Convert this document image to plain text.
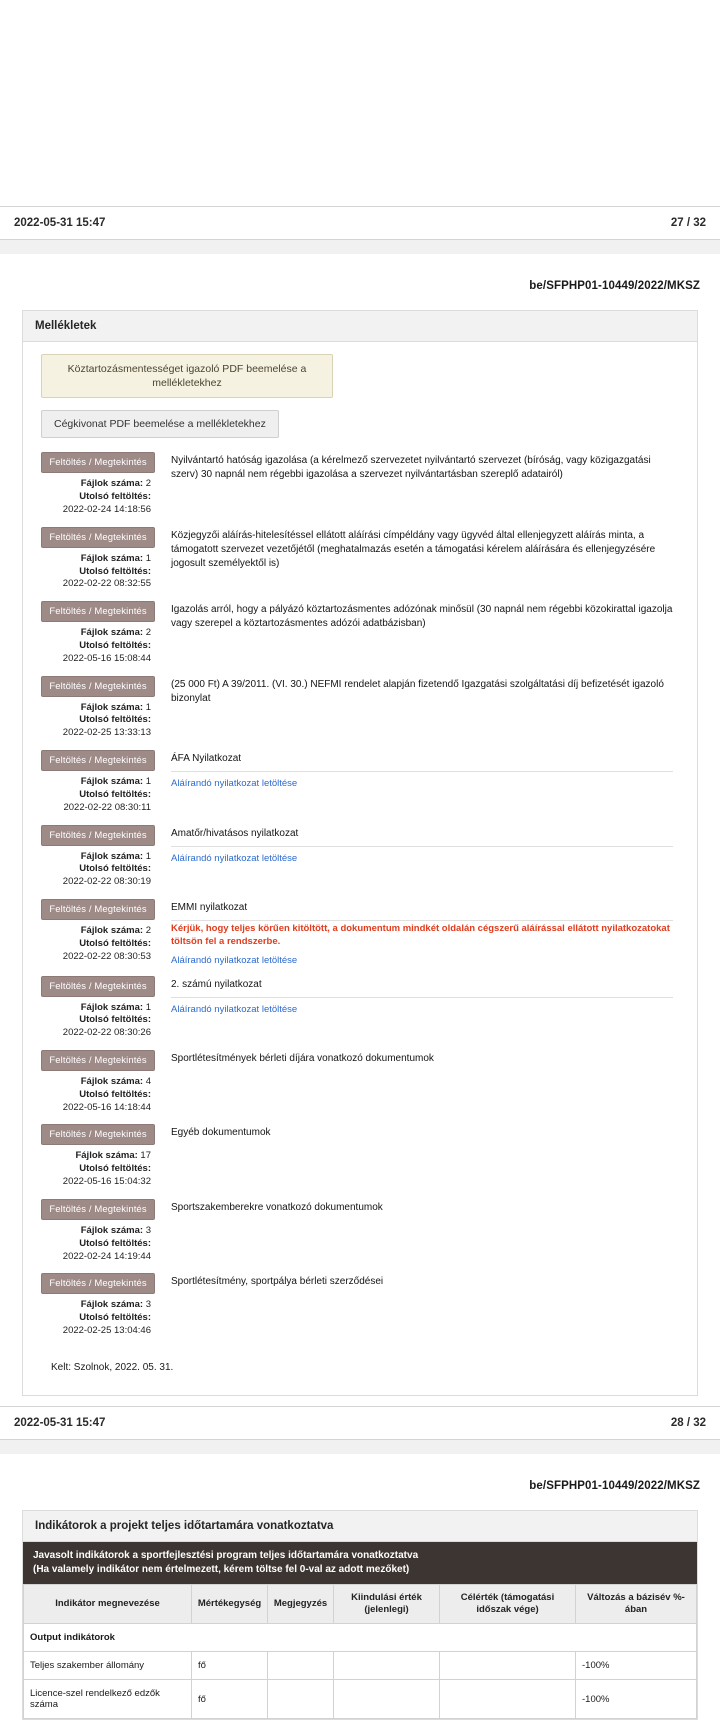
2022-05-31 15:47	27 / 32
be/SFPHP01-10449/2022/MKSZ
Mellékletek
Köztartozásmentességet igazoló PDF beemelése a mellékletekhez
Cégkivonat PDF beemelése a mellékletekhez
Feltöltés / Megtekintés
Fájlok száma: 2
Utolsó feltöltés:
2022-02-24 14:18:56
Nyilvántartó hatóság igazolása (a kérelmező szervezetet nyilvántartó szervezet (bíróság, vagy közigazgatási szerv) 30 napnál nem régebbi igazolása a szervezet nyilvántartásban szereplő adatairól)
Feltöltés / Megtekintés
Fájlok száma: 1
Utolsó feltöltés:
2022-02-22 08:32:55
Közjegyzői aláírás-hitelesítéssel ellátott aláírási címpéldány vagy ügyvéd által ellenjegyzett aláírás minta, a támogatott szervezet vezetőjétől (meghatalmazás esetén a támogatási kérelem aláírására és ellenjegyzésére jogosult személyektől is)
Feltöltés / Megtekintés
Fájlok száma: 2
Utolsó feltöltés:
2022-05-16 15:08:44
Igazolás arról, hogy a pályázó köztartozásmentes adózónak minősül (30 napnál nem régebbi közokirattal igazolja vagy szerepel a köztartozásmentes adózói adatbázisban)
Feltöltés / Megtekintés
Fájlok száma: 1
Utolsó feltöltés:
2022-02-25 13:33:13
(25 000 Ft) A 39/2011. (VI. 30.) NEFMI rendelet alapján fizetendő Igazgatási szolgáltatási díj befizetését igazoló bizonylat
Feltöltés / Megtekintés
Fájlok száma: 1
Utolsó feltöltés:
2022-02-22 08:30:11
ÁFA Nyilatkozat
Aláírandó nyilatkozat letöltése
Feltöltés / Megtekintés
Fájlok száma: 1
Utolsó feltöltés:
2022-02-22 08:30:19
Amatőr/hivatásos nyilatkozat
Aláírandó nyilatkozat letöltése
Feltöltés / Megtekintés
Fájlok száma: 2
Utolsó feltöltés:
2022-02-22 08:30:53
EMMI nyilatkozat
Kérjük, hogy teljes körűen kitöltött, a dokumentum mindkét oldalán cégszerű aláírással ellátott nyilatkozatokat töltsön fel a rendszerbe.
Aláírandó nyilatkozat letöltése
Feltöltés / Megtekintés
Fájlok száma: 1
Utolsó feltöltés:
2022-02-22 08:30:26
2. számú nyilatkozat
Aláírandó nyilatkozat letöltése
Feltöltés / Megtekintés
Fájlok száma: 4
Utolsó feltöltés:
2022-05-16 14:18:44
Sportlétesítmények bérleti díjára vonatkozó dokumentumok
Feltöltés / Megtekintés
Fájlok száma: 17
Utolsó feltöltés:
2022-05-16 15:04:32
Egyéb dokumentumok
Feltöltés / Megtekintés
Fájlok száma: 3
Utolsó feltöltés:
2022-02-24 14:19:44
Sportszakemberekre vonatkozó dokumentumok
Feltöltés / Megtekintés
Fájlok száma: 3
Utolsó feltöltés:
2022-02-25 13:04:46
Sportlétesítmény, sportpálya bérleti szerződései
Kelt: Szolnok, 2022. 05. 31.
2022-05-31 15:47	28 / 32
be/SFPHP01-10449/2022/MKSZ
Indikátorok a projekt teljes időtartamára vonatkoztatva
Javasolt indikátorok a sportfejlesztési program teljes időtartamára vonatkoztatva
(Ha valamely indikátor nem értelmezett, kérem töltse fel 0-val az adott mezőket)
Indikátor megnevezése	Mértékegység	Megjegyzés	Kiindulási érték (jelenlegi)	Célérték (támogatási időszak vége)	Változás a bázisév %-ában
Output indikátorok					
Teljes szakember állomány	fő				-100%
Licence-szel rendelkező edzők száma	fő				-100%
